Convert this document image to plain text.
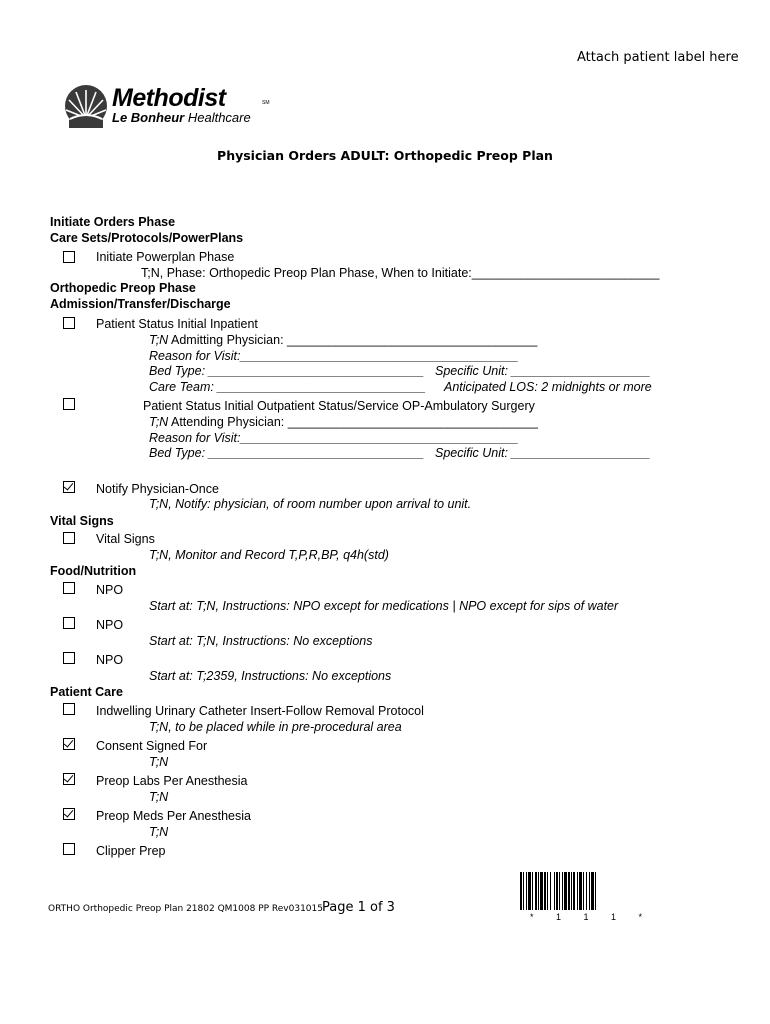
Attach patient label here
Methodist	SM
Le Bonheur Healthcare
Physician Orders ADULT: Orthopedic Preop Plan
Initiate Orders Phase
Care Sets/Protocols/PowerPlans
Initiate Powerplan Phase
T;N, Phase: Orthopedic Preop Plan Phase, When to Initiate:___________________________
Orthopedic Preop Phase
Admission/Transfer/Discharge
Patient Status Initial Inpatient
T;N Admitting Physician: ____________________________________
Reason for Visit:________________________________________
Bed Type: _______________________________ Specific Unit: ____________________
Care Team: ______________________________ Anticipated LOS: 2 midnights or more
Patient Status Initial Outpatient Status/Service OP-Ambulatory Surgery
T;N Attending Physician: ____________________________________
Reason for Visit:________________________________________
Bed Type: _______________________________ Specific Unit: ____________________
Notify Physician-Once
T;N, Notify: physician, of room number upon arrival to unit.
Vital Signs
Vital Signs
T;N, Monitor and Record T,P,R,BP, q4h(std)
Food/Nutrition
NPO
Start at: T;N, Instructions: NPO except for medications | NPO except for sips of water
NPO
Start at: T;N, Instructions: No exceptions
NPO
Start at: T;2359, Instructions: No exceptions
Patient Care
Indwelling Urinary Catheter Insert-Follow Removal Protocol
T;N, to be placed while in pre-procedural area
Consent Signed For
T;N
Preop Labs Per Anesthesia
T;N
Preop Meds Per Anesthesia
T;N
Clipper Prep
ORTHO Orthopedic Preop Plan 21802 QM1008 PP Rev031015 Page 1 of 3
* 1 1 1 *
